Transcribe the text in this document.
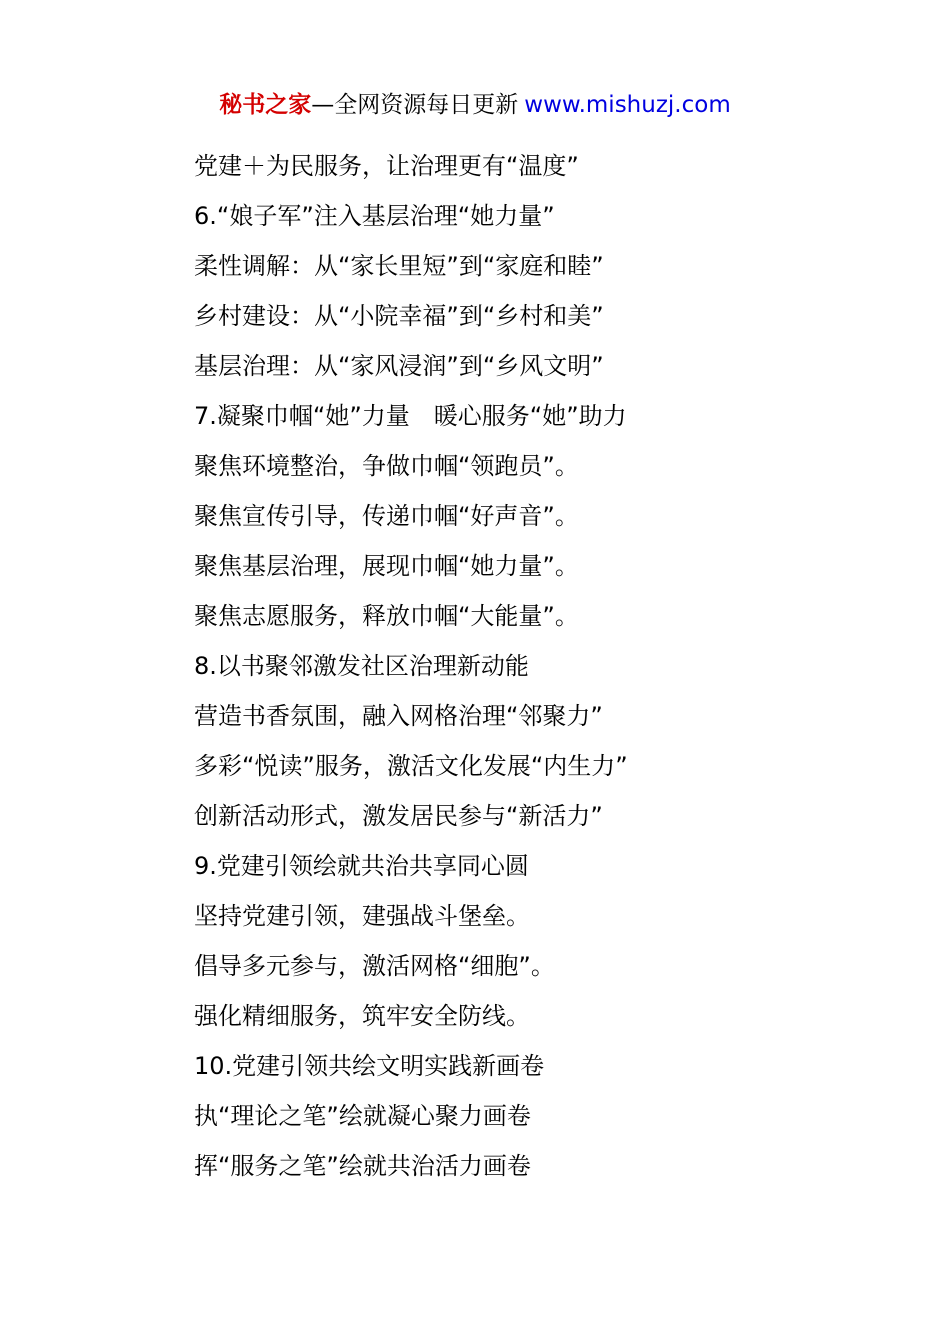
秘书之家—全网资源每日更新 www.mishuzj.com
党建＋为民服务，让治理更有“温度”
6.“娘子军”注入基层治理“她力量”
柔性调解：从“家长里短”到“家庭和睦”
乡村建设：从“小院幸福”到“乡村和美”
基层治理：从“家风浸润”到“乡风文明”
7.凝聚巾帼“她”力量　暖心服务“她”助力
聚焦环境整治，争做巾帼“领跑员”。
聚焦宣传引导，传递巾帼“好声音”。
聚焦基层治理，展现巾帼“她力量”。
聚焦志愿服务，释放巾帼“大能量”。
8.以书聚邻激发社区治理新动能
营造书香氛围，融入网格治理“邻聚力”
多彩“悦读”服务，激活文化发展“内生力”
创新活动形式，激发居民参与“新活力”
9.党建引领绘就共治共享同心圆
坚持党建引领，建强战斗堡垒。
倡导多元参与，激活网格“细胞”。
强化精细服务，筑牢安全防线。
10.党建引领共绘文明实践新画卷
执“理论之笔”绘就凝心聚力画卷
挥“服务之笔”绘就共治活力画卷
